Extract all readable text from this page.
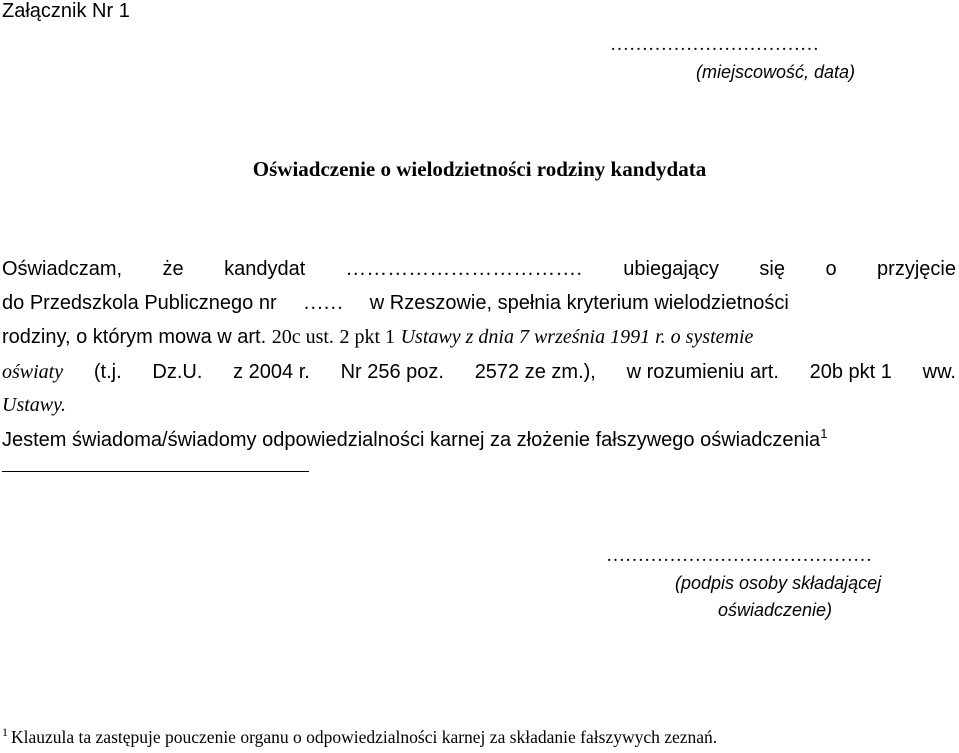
Załącznik Nr 1
……………………………
(miejscowość, data)
Oświadczenie o wielodzietności rodziny kandydata
Oświadczam, że kandydat ……………………………. ubiegający się o przyjęcie
do Przedszkola Publicznego nr …… w Rzeszowie, spełnia kryterium wielodzietności
rodziny, o którym mowa w art. 20c ust. 2 pkt 1 Ustawy z dnia 7 września 1991 r. o systemie
oświaty (t.j. Dz.U. z 2004 r. Nr 256 poz. 2572 ze zm.), w rozumieniu art. 20b pkt 1 ww.
Ustawy.
Jestem świadoma/świadomy odpowiedzialności karnej za złożenie fałszywego oświadczenia$^1$
……………………………………
(podpis osoby składającej
oświadczenie)
$^1$ Klauzula ta zastępuje pouczenie organu o odpowiedzialności karnej za składanie fałszywych zeznań.
